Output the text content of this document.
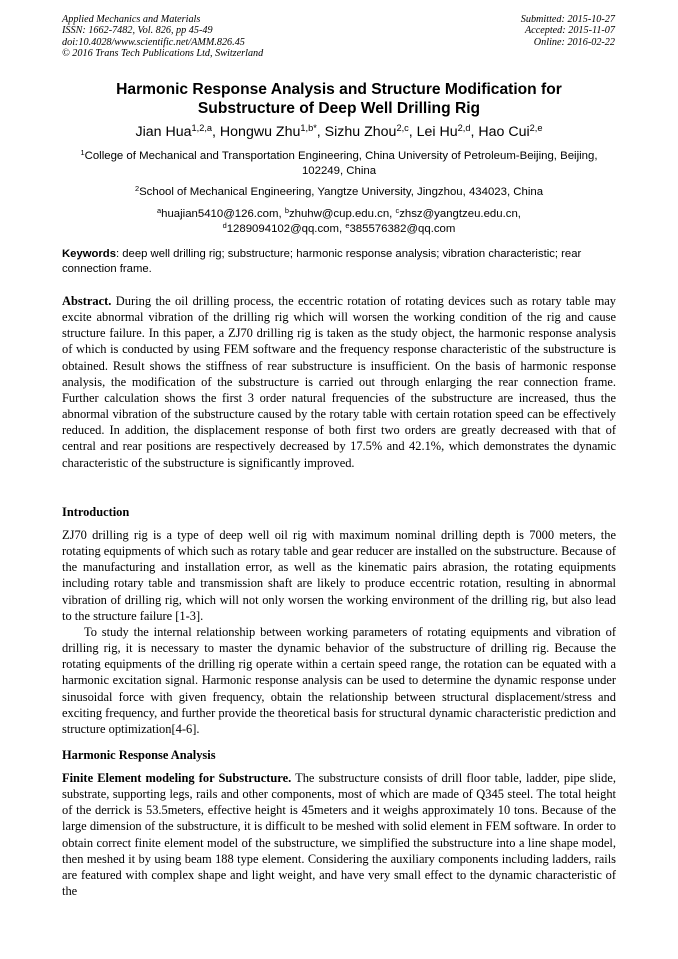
Applied Mechanics and Materials
ISSN: 1662-7482, Vol. 826, pp 45-49
doi:10.4028/www.scientific.net/AMM.826.45
© 2016 Trans Tech Publications Ltd, Switzerland
Submitted: 2015-10-27
Accepted: 2015-11-07
Online: 2016-02-22
Harmonic Response Analysis and Structure Modification for
Substructure of Deep Well Drilling Rig
Jian Hua$^{1,2,a}$, Hongwu Zhu$^{1,b*}$, Sizhu Zhou$^{2,c}$, Lei Hu$^{2,d}$, Hao Cui$^{2,e}$
$^1$College of Mechanical and Transportation Engineering, China University of Petroleum-Beijing, Beijing, 102249, China
$^2$School of Mechanical Engineering, Yangtze University, Jingzhou, 434023, China
$^a$huajian5410@126.com, $^b$zhuhw@cup.edu.cn, $^c$zhsz@yangtzeu.edu.cn,
$^d$1289094102@qq.com, $^e$385576382@qq.com
Keywords: deep well drilling rig; substructure; harmonic response analysis; vibration characteristic; rear connection frame.
Abstract. During the oil drilling process, the eccentric rotation of rotating devices such as rotary table may excite abnormal vibration of the drilling rig which will worsen the working condition of the rig and cause structure failure. In this paper, a ZJ70 drilling rig is taken as the study object, the harmonic response analysis of which is conducted by using FEM software and the frequency response characteristic of the substructure is obtained. Result shows the stiffness of rear substructure is insufficient. On the basis of harmonic response analysis, the modification of the substructure is carried out through enlarging the rear connection frame. Further calculation shows the first 3 order natural frequencies of the substructure are increased, thus the abnormal vibration of the substructure caused by the rotary table with certain rotation speed can be effectively reduced. In addition, the displacement response of both first two orders are greatly decreased with that of central and rear positions are respectively decreased by 17.5% and 42.1%, which demonstrates the dynamic characteristic of the substructure is significantly improved.
Introduction
ZJ70 drilling rig is a type of deep well oil rig with maximum nominal drilling depth is 7000 meters, the rotating equipments of which such as rotary table and gear reducer are installed on the substructure. Because of the manufacturing and installation error, as well as the kinematic pairs abrasion, the rotating equipments including rotary table and transmission shaft are likely to produce eccentric rotation, resulting in abnormal vibration of drilling rig, which will not only worsen the working environment of the drilling rig, but also lead to the structure failure [1-3].
To study the internal relationship between working parameters of rotating equipments and vibration of drilling rig, it is necessary to master the dynamic behavior of the substructure of drilling rig. Because the rotating equipments of the drilling rig operate within a certain speed range, the rotation can be equated with a harmonic excitation signal. Harmonic response analysis can be used to determine the dynamic response under sinusoidal force with given frequency, obtain the relationship between structural displacement/stress and exciting frequency, and further provide the theoretical basis for structural dynamic characteristic prediction and structure optimization[4-6].
Harmonic Response Analysis
Finite Element modeling for Substructure. The substructure consists of drill floor table, ladder, pipe slide, substrate, supporting legs, rails and other components, most of which are made of Q345 steel. The total height of the derrick is 53.5meters, effective height is 45meters and it weighs approximately 10 tons. Because of the large dimension of the substructure, it is difficult to be meshed with solid element in FEM software. In order to obtain correct finite element model of the substructure, we simplified the substructure into a line shape model, then meshed it by using beam 188 type element. Considering the auxiliary components including ladders, rails are featured with complex shape and light weight, and have very small effect to the dynamic characteristic of the
